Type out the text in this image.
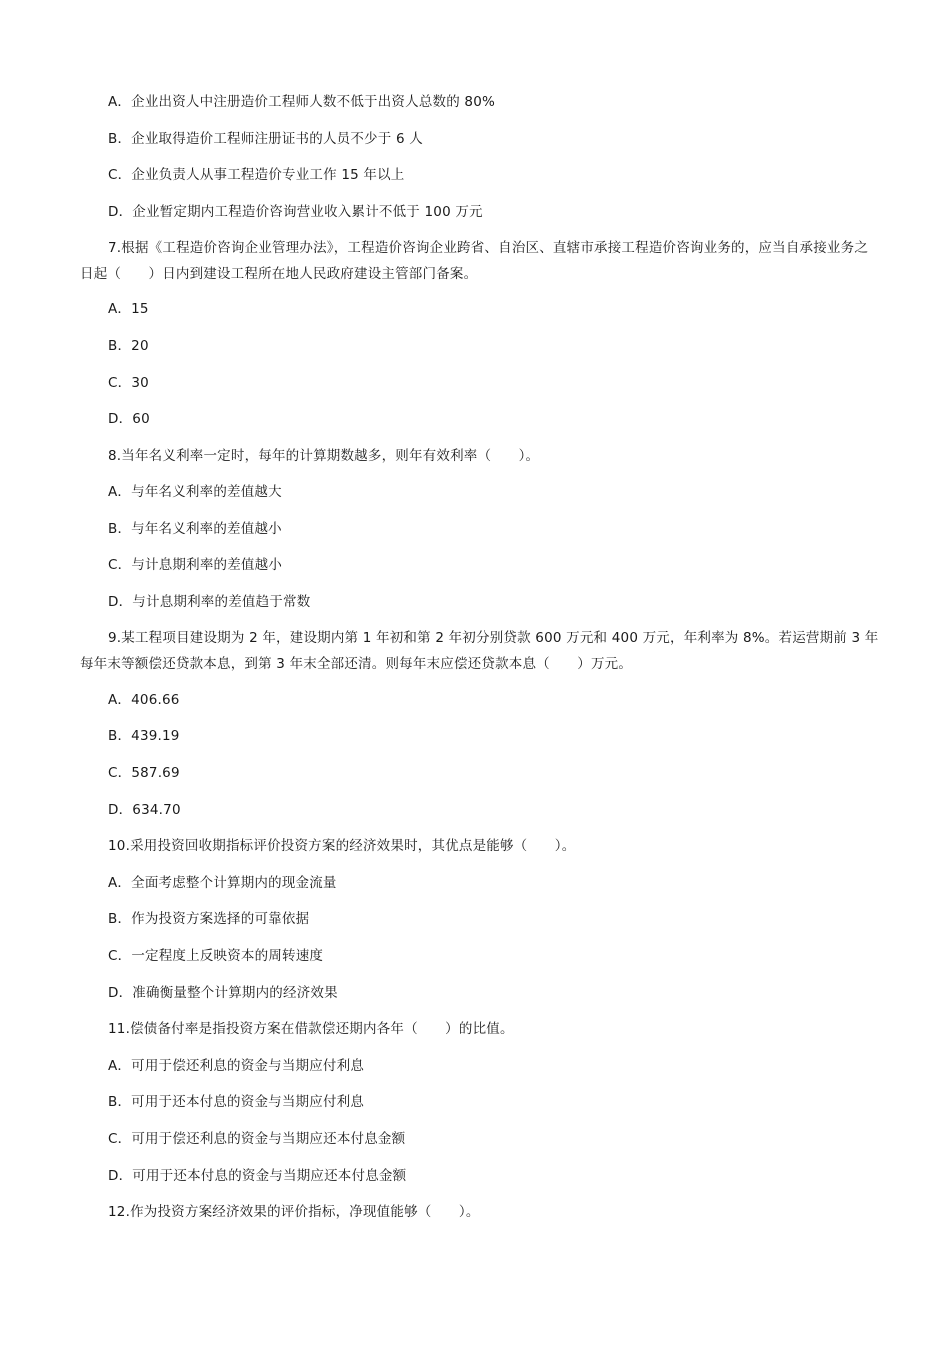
A．企业出资人中注册造价工程师人数不低于出资人总数的 80%
B．企业取得造价工程师注册证书的人员不少于 6 人
C．企业负责人从事工程造价专业工作 15 年以上
D．企业暂定期内工程造价咨询营业收入累计不低于 100 万元
7.根据《工程造价咨询企业管理办法》，工程造价咨询企业跨省、自治区、直辖市承接工程造价咨询业务的，应当自承接业务之日起（　　）日内到建设工程所在地人民政府建设主管部门备案。
A．15
B．20
C．30
D．60
8.当年名义利率一定时，每年的计算期数越多，则年有效利率（　　）。
A．与年名义利率的差值越大
B．与年名义利率的差值越小
C．与计息期利率的差值越小
D．与计息期利率的差值趋于常数
9.某工程项目建设期为 2 年，建设期内第 1 年初和第 2 年初分别贷款 600 万元和 400 万元，年利率为 8%。若运营期前 3 年每年末等额偿还贷款本息，到第 3 年末全部还清。则每年末应偿还贷款本息（　　）万元。
A．406.66
B．439.19
C．587.69
D．634.70
10.采用投资回收期指标评价投资方案的经济效果时，其优点是能够（　　）。
A．全面考虑整个计算期内的现金流量
B．作为投资方案选择的可靠依据
C．一定程度上反映资本的周转速度
D．准确衡量整个计算期内的经济效果
11.偿债备付率是指投资方案在借款偿还期内各年（　　）的比值。
A．可用于偿还利息的资金与当期应付利息
B．可用于还本付息的资金与当期应付利息
C．可用于偿还利息的资金与当期应还本付息金额
D．可用于还本付息的资金与当期应还本付息金额
12.作为投资方案经济效果的评价指标，净现值能够（　　）。
